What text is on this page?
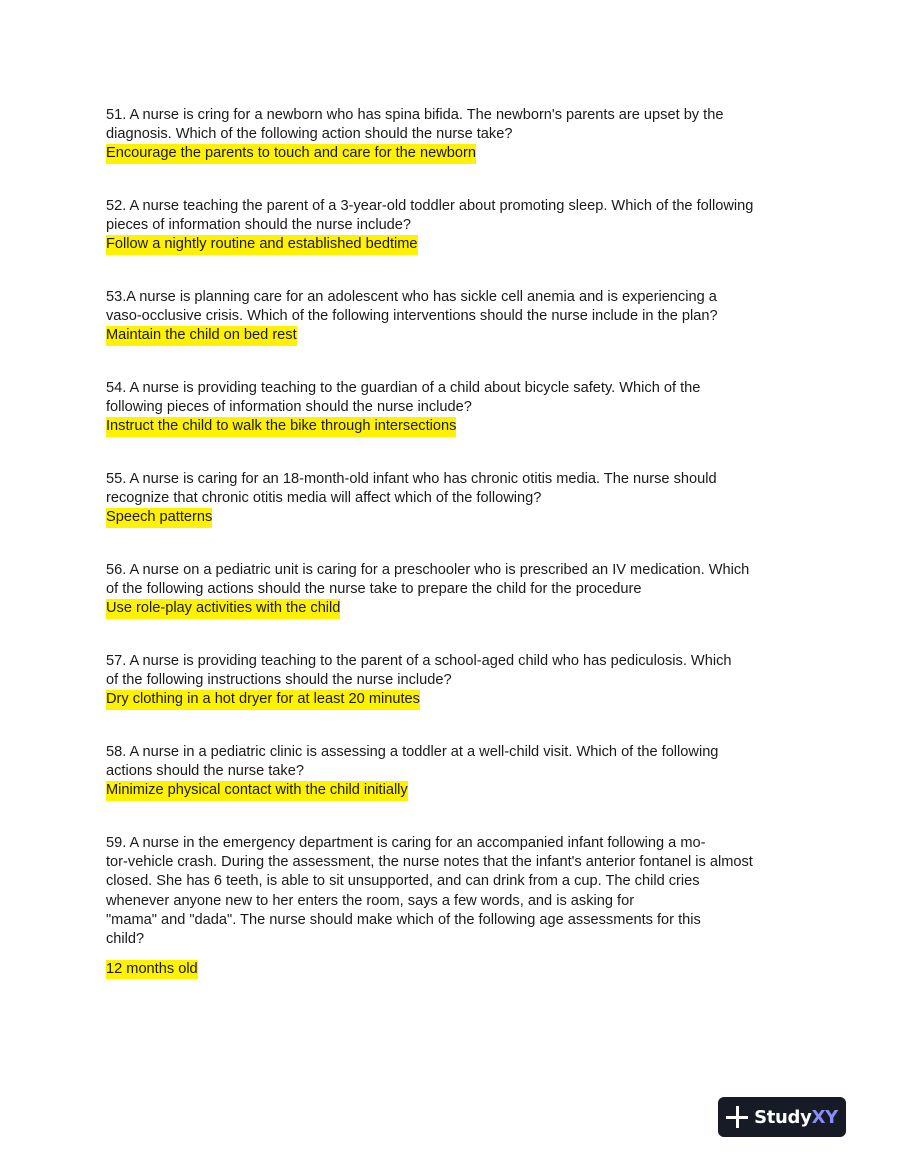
51. A nurse is cring for a newborn who has spina bifida. The newborn's parents are upset by the
diagnosis. Which of the following action should the nurse take?
Encourage the parents to touch and care for the newborn
52. A nurse teaching the parent of a 3-year-old toddler about promoting sleep. Which of the following
pieces of information should the nurse include?
Follow a nightly routine and established bedtime
53.A nurse is planning care for an adolescent who has sickle cell anemia and is experiencing a
vaso-occlusive crisis. Which of the following interventions should the nurse include in the plan?
Maintain the child on bed rest
54. A nurse is providing teaching to the guardian of a child about bicycle safety. Which of the
following pieces of information should the nurse include?
Instruct the child to walk the bike through intersections
55. A nurse is caring for an 18-month-old infant who has chronic otitis media. The nurse should
recognize that chronic otitis media will affect which of the following?
Speech patterns
56. A nurse on a pediatric unit is caring for a preschooler who is prescribed an IV medication. Which
of the following actions should the nurse take to prepare the child for the procedure
Use role-play activities with the child
57. A nurse is providing teaching to the parent of a school-aged child who has pediculosis. Which
of the following instructions should the nurse include?
Dry clothing in a hot dryer for at least 20 minutes
58. A nurse in a pediatric clinic is assessing a toddler at a well-child visit. Which of the following
actions should the nurse take?
Minimize physical contact with the child initially
59. A nurse in the emergency department is caring for an accompanied infant following a mo-
tor-vehicle crash. During the assessment, the nurse notes that the infant's anterior fontanel is almost
closed. She has 6 teeth, is able to sit unsupported, and can drink from a cup. The child cries
whenever anyone new to her enters the room, says a few words, and is asking for
"mama" and "dada". The nurse should make which of the following age assessments for this
child?
12 months old
StudyXY
